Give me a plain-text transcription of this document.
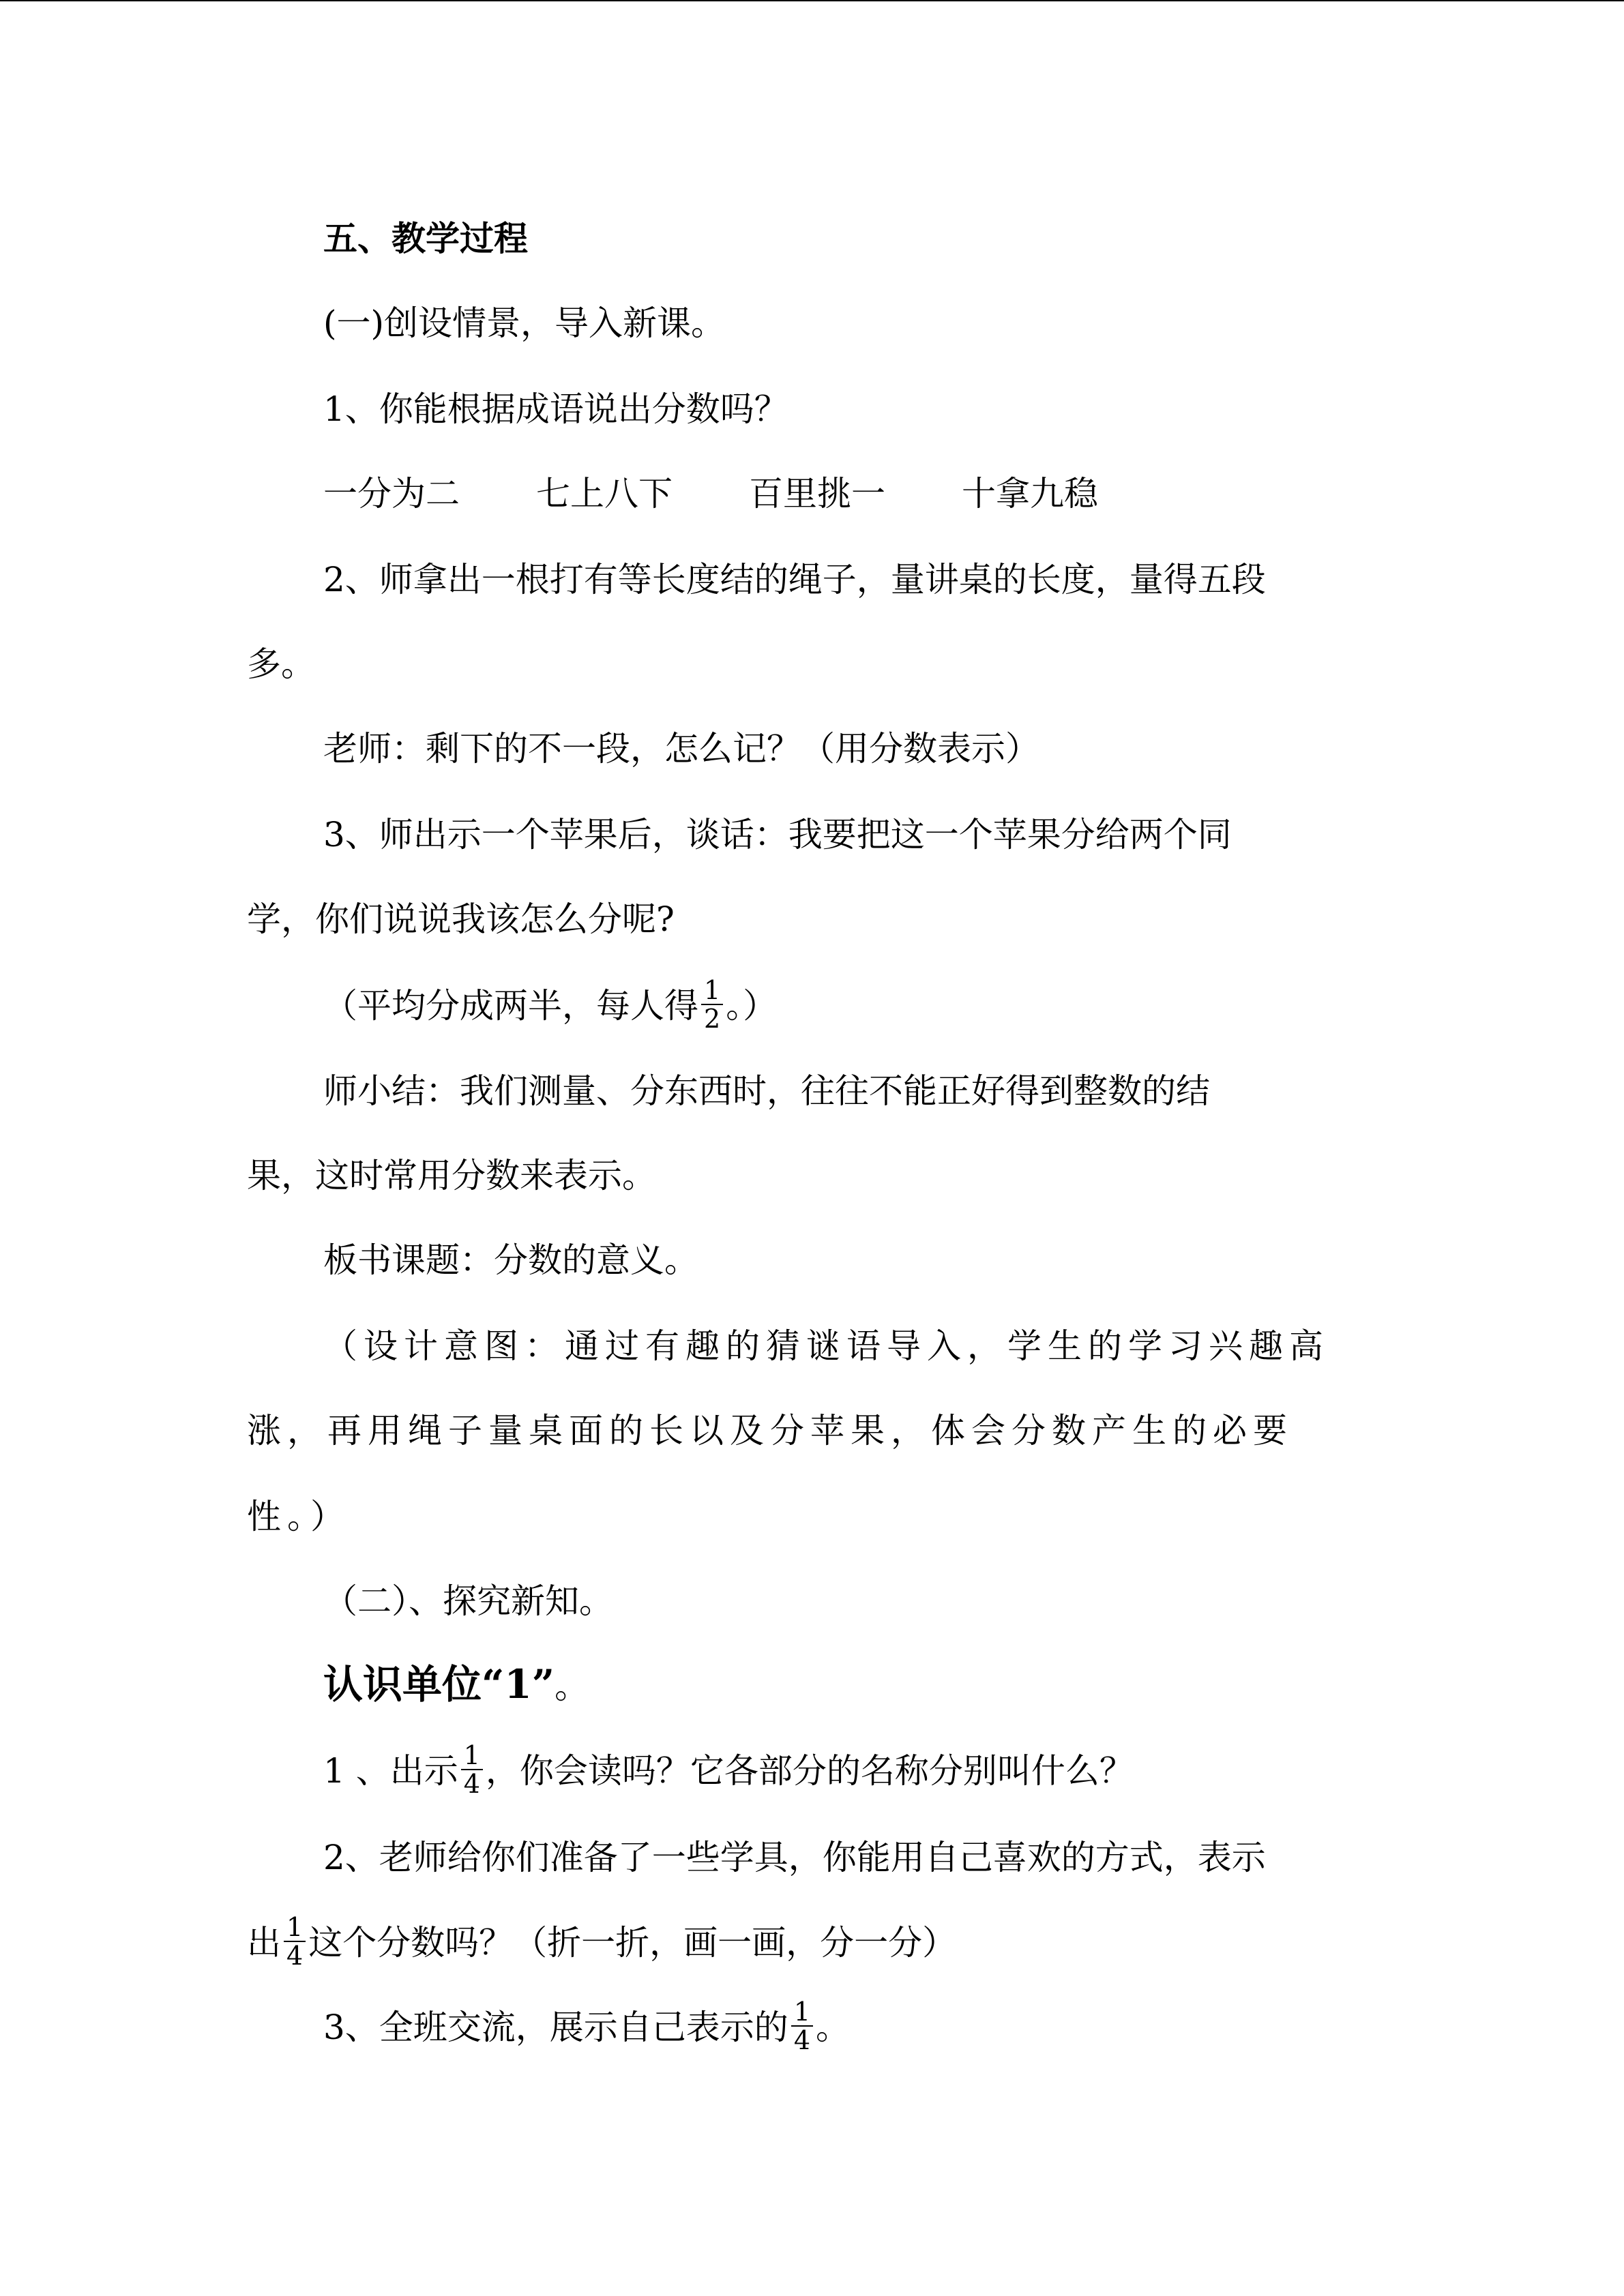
五、教学过程

(一)创设情景，导入新课。

1、你能根据成语说出分数吗？

一分为二 七上八下 百里挑一 十拿九稳

2、师拿出一根打有等长度结的绳子，量讲桌的长度，量得五段

多。

老师：剩下的不一段，怎么记？（用分数表示）

3、师出示一个苹果后，谈话：我要把这一个苹果分给两个同

学，你们说说我该怎么分呢?

（平均分成两半，每人得 $\frac{1}{2}$ 。）

师小结：我们测量、分东西时，往往不能正好得到整数的结

果，这时常用分数来表示。

板书课题：分数的意义。

（设计意图：通过有趣的猜谜语导入，学生的学习兴趣高

涨，再用绳子量桌面的长以及分苹果，体会分数产生的必要

性。）

（二）、探究新知。

认识单位“1”。

1 、出示 $\frac{1}{4}$ ，你会读吗？它各部分的名称分别叫什么？

2、老师给你们准备了一些学具，你能用自己喜欢的方式，表示

出 $\frac{1}{4}$ 这个分数吗？（折一折，画一画，分一分）

3、全班交流，展示自己表示的 $\frac{1}{4}$ 。
